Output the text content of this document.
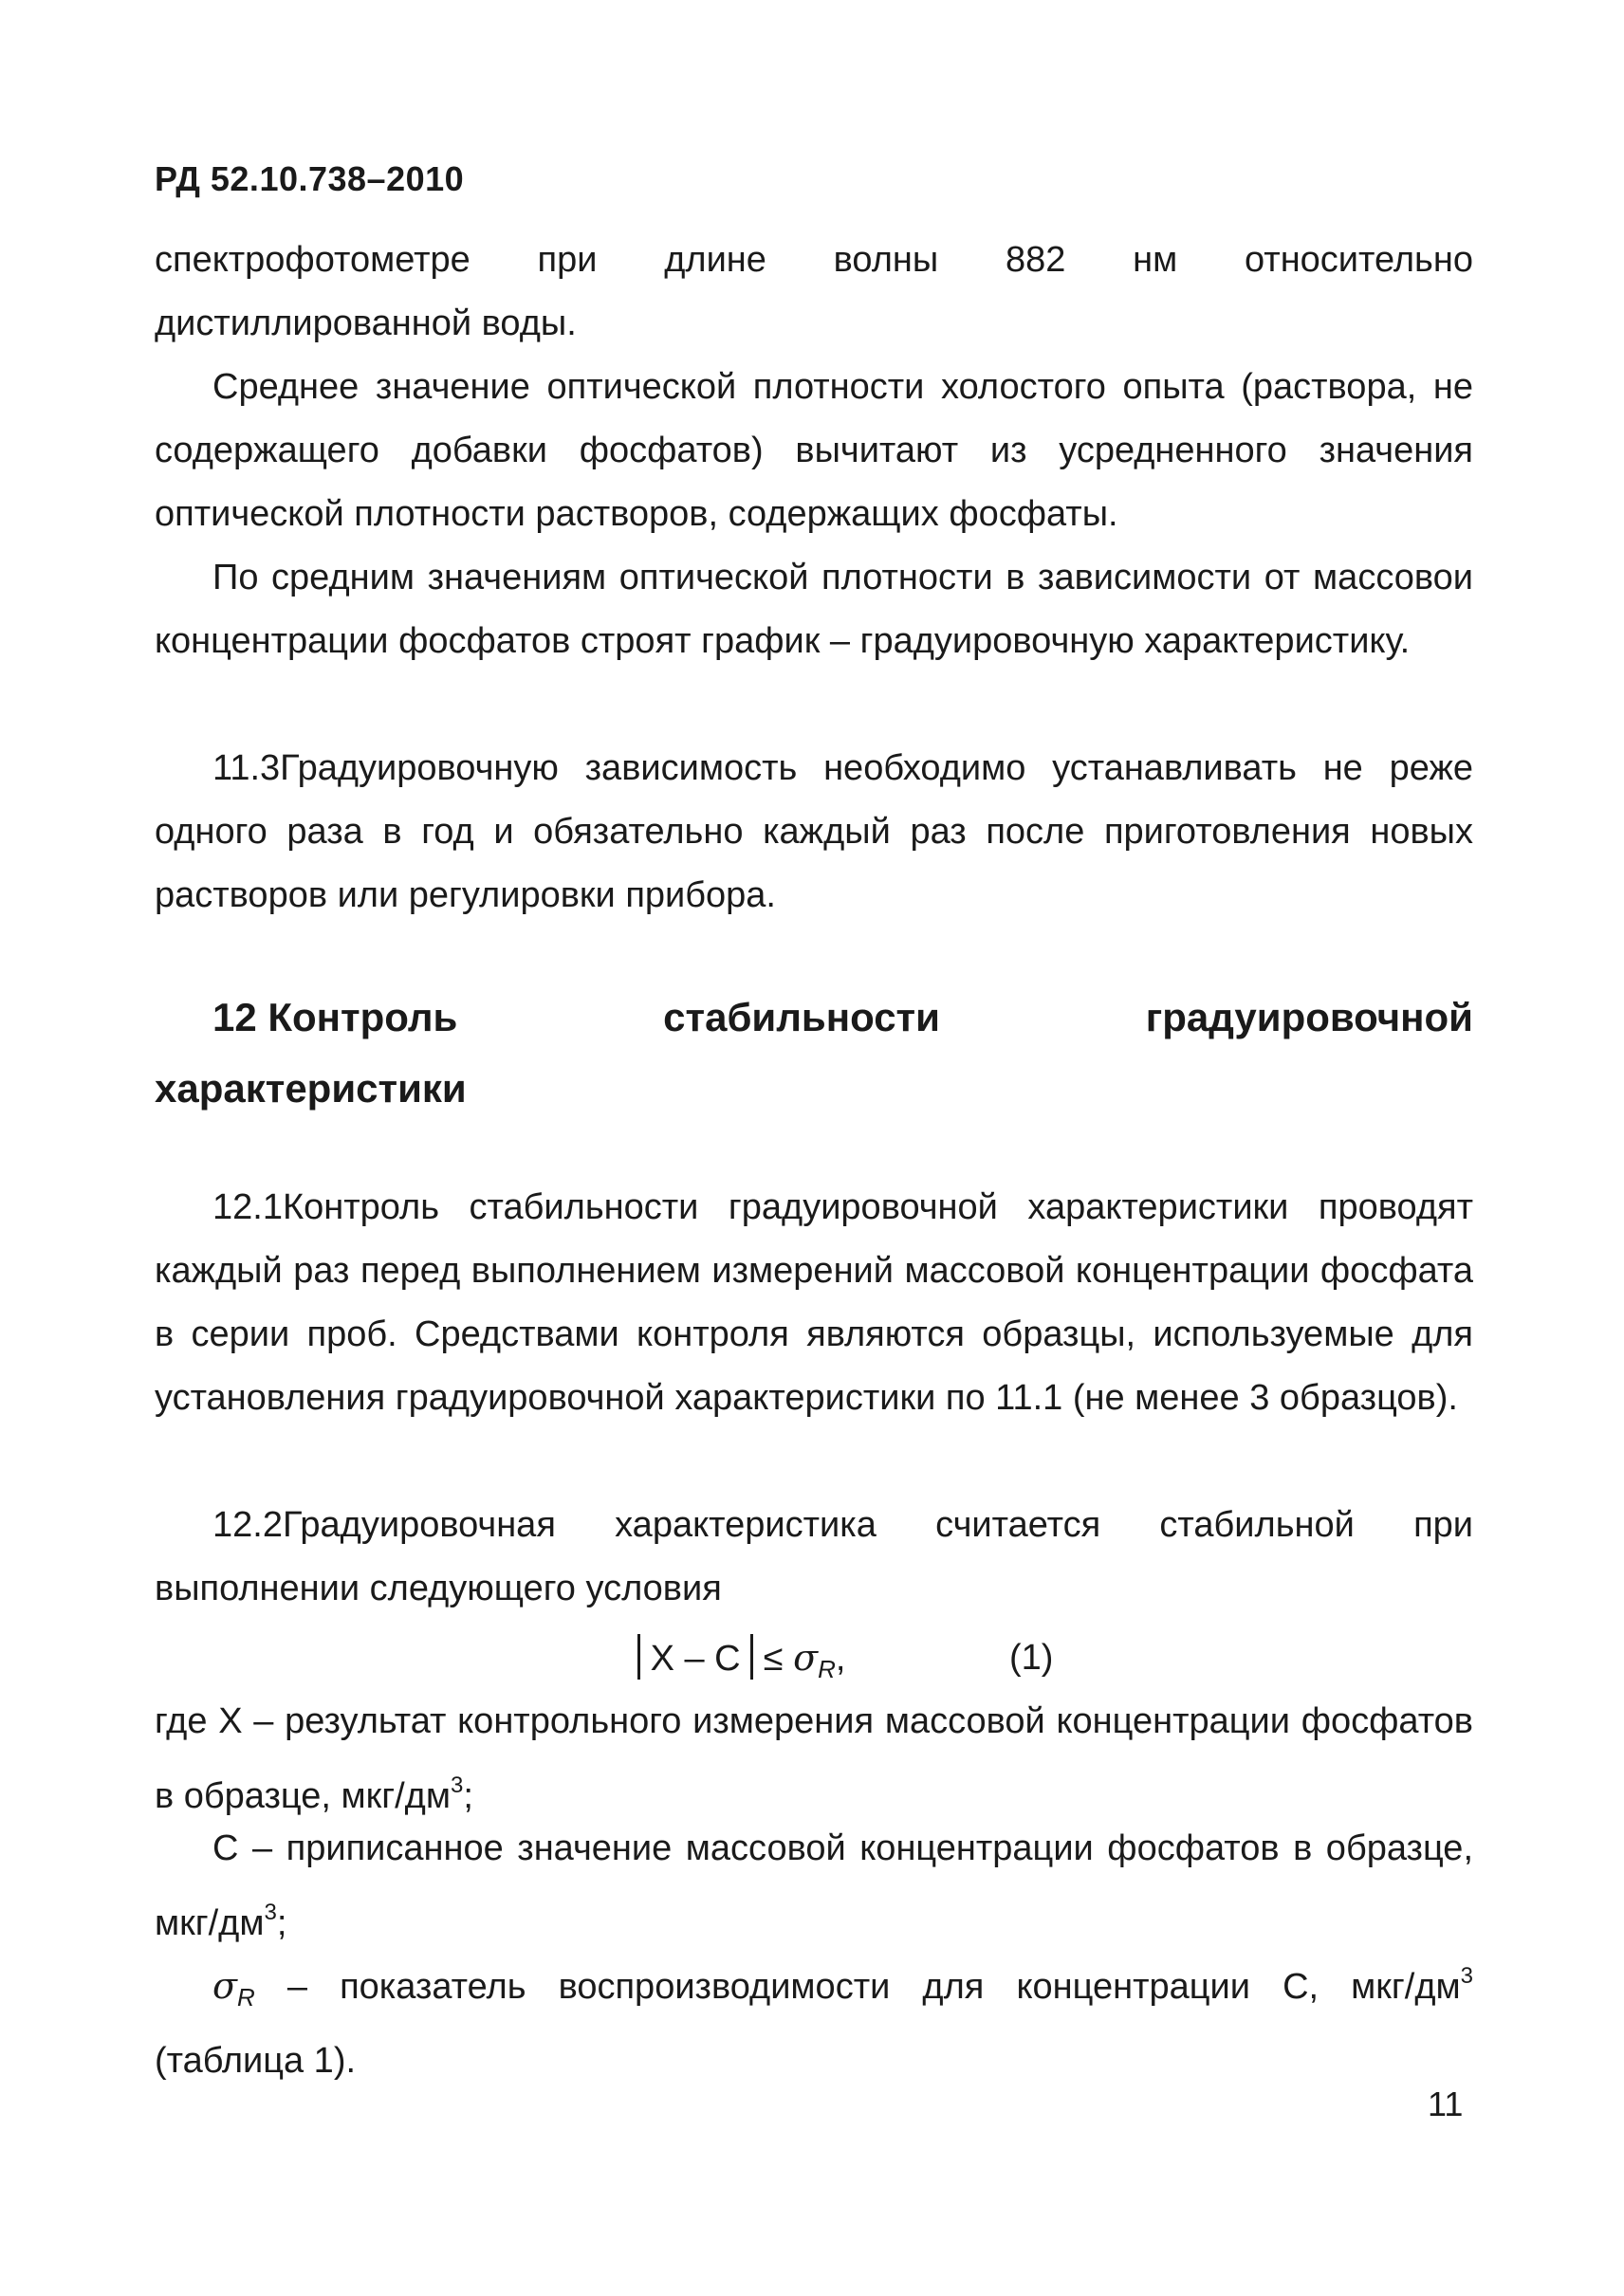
РД 52.10.738–2010
спектрофотометре при длине волны 882 нм относительно
дистиллированной воды.

Среднее значение оптической плотности холостого опыта (раствора, не содержащего добавки фосфатов) вычитают из усредненного значения оптической плотности растворов, содержащих фосфаты.

По средним значениям оптической плотности в зависимости от массовои концентрации фосфатов строят график – градуировочную характеристику.

11.3Градуировочную зависимость необходимо устанавливать не реже одного раза в год и обязательно каждый раз после приготовления новых растворов или регулировки прибора.

12 Контроль	стабильности	градуировочной
характеристики

12.1Контроль стабильности градуировочной характеристики проводят каждый раз перед выполнением измерений массовой концентрации фосфата в серии проб. Средствами контроля являются образцы, используемые для установления градуировочной характеристики по 11.1 (не менее 3 образцов).

12.2Градуировочная характеристика считается стабильной при
выполнении следующего условия
$X - C \le \sigma_R$,	(1)

где X – результат контрольного измерения массовой концентрации фосфатов в образце, мкг/$дм^3$;

C – приписанное значение массовой концентрации фосфатов в образце, мкг/$дм^3$;

$\sigma_R$ – показатель воспроизводимости для концентрации C, мкг/$дм^3$
(таблица 1).
11
